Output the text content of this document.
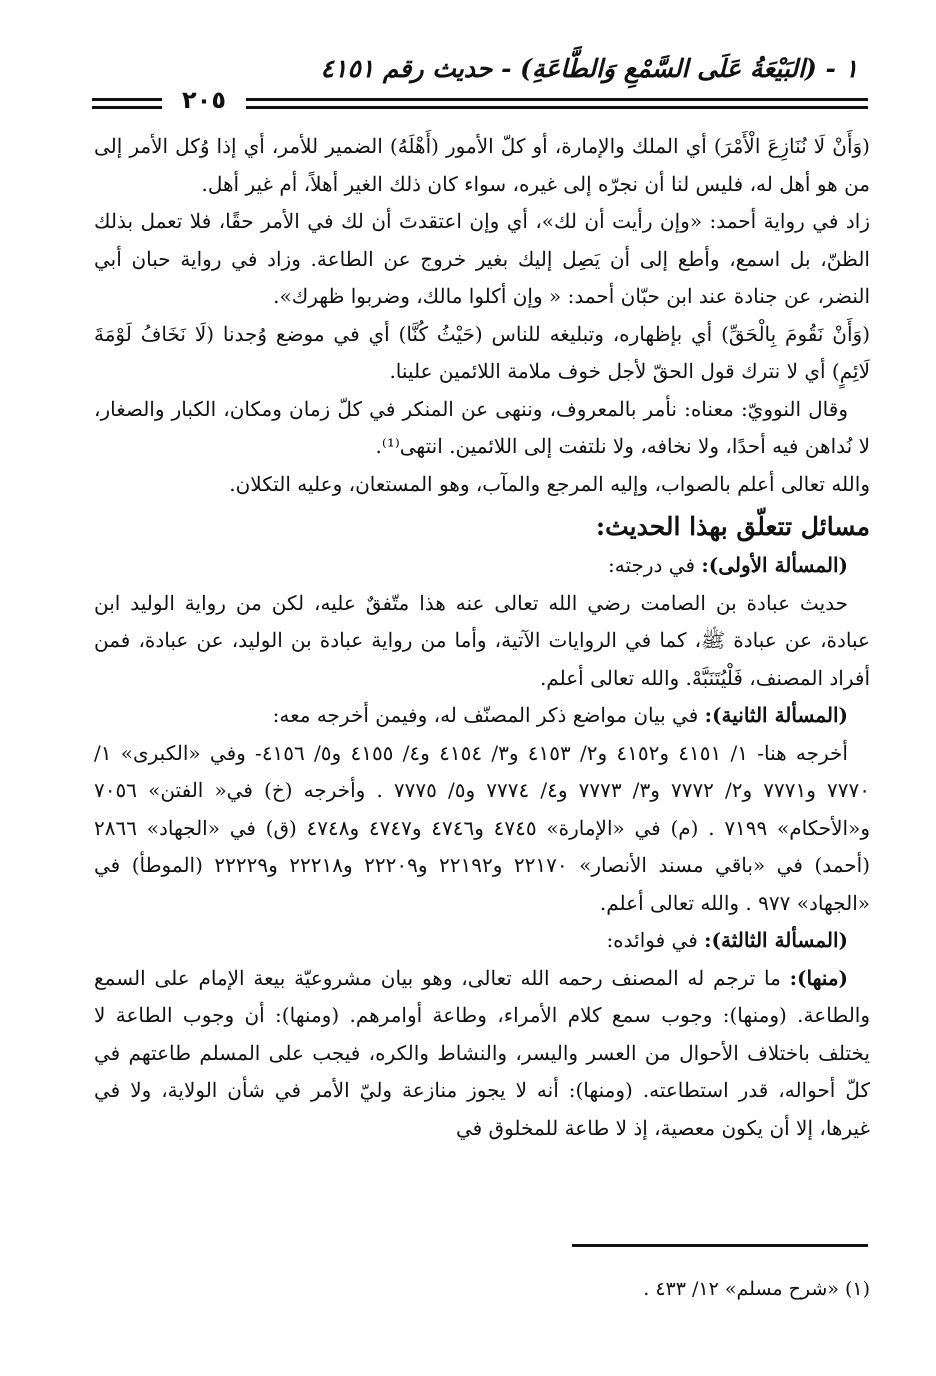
١ - (البَيْعَةُ عَلَى السَّمْعِ وَالطَّاعَةِ) - حديث رقم ٤١٥١
٢٠٥

(وَأَنْ لَا نُنَازِعَ الْأَمْرَ) أي الملك والإمارة، أو كلّ الأمور (أَهْلَهُ) الضمير للأمر، أي إذا وُكل الأمر إلى من هو أهل له، فليس لنا أن نجرّه إلى غيره، سواء كان ذلك الغير أهلاً، أم غير أهل.

زاد في رواية أحمد: «وإن رأيت أن لك»، أي وإن اعتقدتَ أن لك في الأمر حقًا، فلا تعمل بذلك الظنّ، بل اسمع، وأطع إلى أن يَصِل إليك بغير خروج عن الطاعة. وزاد في رواية حبان أبي النضر، عن جنادة عند ابن حبّان أحمد: « وإن أكلوا مالك، وضربوا ظهرك».

(وَأَنْ نَقُومَ بِالْحَقِّ) أي بإظهاره، وتبليغه للناس (حَيْثُ كُنَّا) أي في موضع وُجدنا (لَا نَخَافُ لَوْمَةَ لَائِمٍ) أي لا نترك قول الحقّ لأجل خوف ملامة اللائمين علينا.

وقال النوويّ: معناه: نأمر بالمعروف، وننهى عن المنكر في كلّ زمان ومكان، الكبار والصغار، لا نُداهن فيه أحدًا، ولا نخافه، ولا نلتفت إلى اللائمين. انتهى⁽¹⁾.

والله تعالى أعلم بالصواب، وإليه المرجع والمآب، وهو المستعان، وعليه التكلان.

مسائل تتعلّق بهذا الحديث:

(المسألة الأولى): في درجته:

حديث عبادة بن الصامت رضي الله تعالى عنه هذا متّفقٌ عليه، لكن من رواية الوليد ابن عبادة، عن عبادة ﷺ، كما في الروايات الآتية، وأما من رواية عبادة بن الوليد، عن عبادة، فمن أفراد المصنف، فَلْيُتَنَبَّهْ. والله تعالى أعلم.

(المسألة الثانية): في بيان مواضع ذكر المصنّف له، وفيمن أخرجه معه:

أخرجه هنا- ١/ ٤١٥١ و٤١٥٢ و٢/ ٤١٥٣ و٣/ ٤١٥٤ و٤/ ٤١٥٥ و٥/ ٤١٥٦- وفي «الكبرى» ١/ ٧٧٧٠ و٧٧٧١ و٢/ ٧٧٧٢ و٣/ ٧٧٧٣ و٤/ ٧٧٧٤ و٥/ ٧٧٧٥ . وأخرجه (خ) في« الفتن» ٧٠٥٦ و«الأحكام» ٧١٩٩ . (م) في «الإمارة» ٤٧٤٥ و٤٧٤٦ و٤٧٤٧ و٤٧٤٨ (ق) في «الجهاد» ٢٨٦٦ (أحمد) في «باقي مسند الأنصار» ٢٢١٧٠ و٢٢١٩٢ و٢٢٢٠٩ و٢٢٢١٨ و٢٢٢٢٩ (الموطأ) في «الجهاد» ٩٧٧ . والله تعالى أعلم.

(المسألة الثالثة): في فوائده:

(منها): ما ترجم له المصنف رحمه الله تعالى، وهو بيان مشروعيّة بيعة الإمام على السمع والطاعة. (ومنها): وجوب سمع كلام الأمراء، وطاعة أوامرهم. (ومنها): أن وجوب الطاعة لا يختلف باختلاف الأحوال من العسر واليسر، والنشاط والكره، فيجب على المسلم طاعتهم في كلّ أحواله، قدر استطاعته. (ومنها): أنه لا يجوز منازعة وليّ الأمر في شأن الولاية، ولا في غيرها، إلا أن يكون معصية، إذ لا طاعة للمخلوق في

(١) «شرح مسلم» ١٢/ ٤٣٣ .
